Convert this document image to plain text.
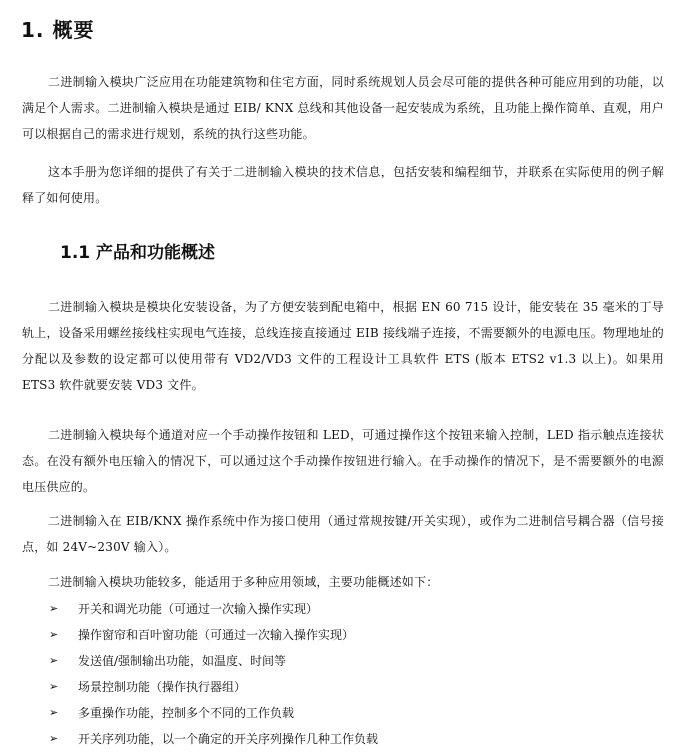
1. 概要

二进制输入模块广泛应用在功能建筑物和住宅方面，同时系统规划人员会尽可能的提供各种可能应用到的功能，以满足个人需求。二进制输入模块是通过 EIB/ KNX 总线和其他设备一起安装成为系统，且功能上操作简单、直观，用户可以根据自己的需求进行规划，系统的执行这些功能。

这本手册为您详细的提供了有关于二进制输入模块的技术信息，包括安装和编程细节，并联系在实际使用的例子解释了如何使用。

1.1 产品和功能概述

二进制输入模块是模块化安装设备，为了方便安装到配电箱中，根据 EN 60 715 设计，能安装在 35 毫米的丁导轨上，设备采用螺丝接线柱实现电气连接，总线连接直接通过 EIB 接线端子连接，不需要额外的电源电压。物理地址的分配以及参数的设定都可以使用带有 VD2/VD3 文件的工程设计工具软件 ETS (版本 ETS2 v1.3 以上)。如果用 ETS3 软件就要安装 VD3 文件。

二进制输入模块每个通道对应一个手动操作按钮和 LED，可通过操作这个按钮来输入控制，LED 指示触点连接状态。在没有额外电压输入的情况下，可以通过这个手动操作按钮进行输入。在手动操作的情况下，是不需要额外的电源电压供应的。

二进制输入在 EIB/KNX 操作系统中作为接口使用（通过常规按键/开关实现），或作为二进制信号耦合器（信号接点，如 24V~230V 输入）。

二进制输入模块功能较多，能适用于多种应用领域，主要功能概述如下：

➢ 开关和调光功能（可通过一次输入操作实现）
➢ 操作窗帘和百叶窗功能（可通过一次输入操作实现）
➢ 发送值/强制输出功能，如温度、时间等
➢ 场景控制功能（操作执行器组）
➢ 多重操作功能，控制多个不同的工作负载
➢ 开关序列功能，以一个确定的开关序列操作几种工作负载
